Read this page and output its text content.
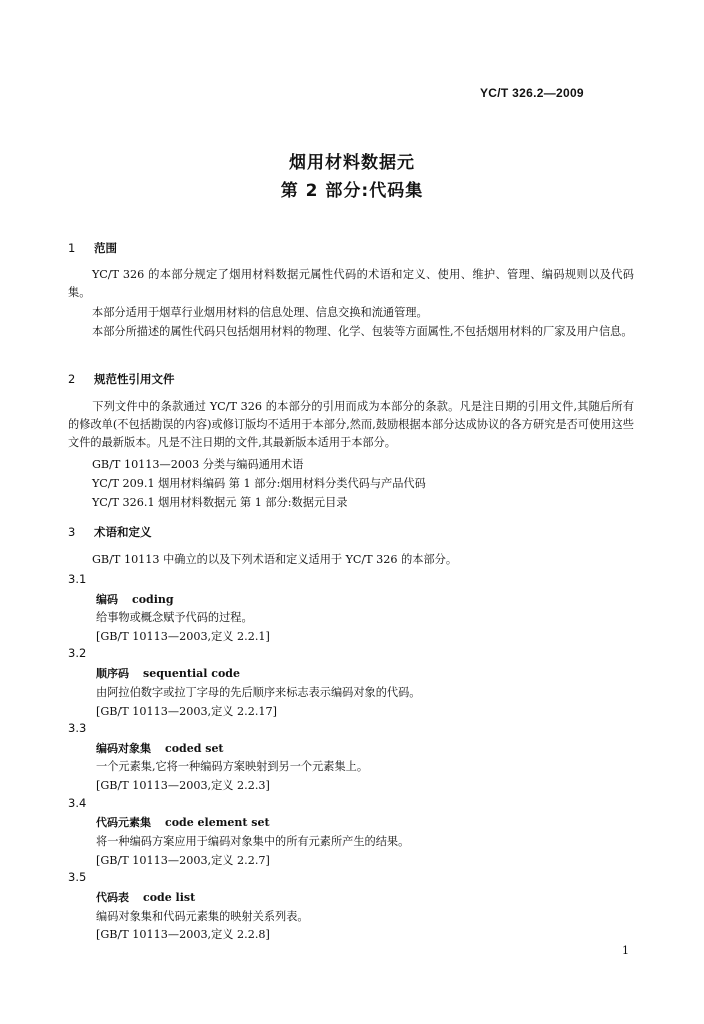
YC/T 326.2—2009
烟用材料数据元
第 2 部分:代码集
1 范围
YC/T 326 的本部分规定了烟用材料数据元属性代码的术语和定义、使用、维护、管理、编码规则以及代码集。
本部分适用于烟草行业烟用材料的信息处理、信息交换和流通管理。
本部分所描述的属性代码只包括烟用材料的物理、化学、包装等方面属性,不包括烟用材料的厂家及用户信息。
2 规范性引用文件
下列文件中的条款通过 YC/T 326 的本部分的引用而成为本部分的条款。凡是注日期的引用文件,其随后所有的修改单(不包括勘误的内容)或修订版均不适用于本部分,然而,鼓励根据本部分达成协议的各方研究是否可使用这些文件的最新版本。凡是不注日期的文件,其最新版本适用于本部分。
GB/T 10113—2003 分类与编码通用术语
YC/T 209.1 烟用材料编码 第 1 部分:烟用材料分类代码与产品代码
YC/T 326.1 烟用材料数据元 第 1 部分:数据元目录
3 术语和定义
GB/T 10113 中确立的以及下列术语和定义适用于 YC/T 326 的本部分。
3.1
编码 coding
给事物或概念赋予代码的过程。
[GB/T 10113—2003,定义 2.2.1]
3.2
顺序码 sequential code
由阿拉伯数字或拉丁字母的先后顺序来标志表示编码对象的代码。
[GB/T 10113—2003,定义 2.2.17]
3.3
编码对象集 coded set
一个元素集,它将一种编码方案映射到另一个元素集上。
[GB/T 10113—2003,定义 2.2.3]
3.4
代码元素集 code element set
将一种编码方案应用于编码对象集中的所有元素所产生的结果。
[GB/T 10113—2003,定义 2.2.7]
3.5
代码表 code list
编码对象集和代码元素集的映射关系列表。
[GB/T 10113—2003,定义 2.2.8]
1
